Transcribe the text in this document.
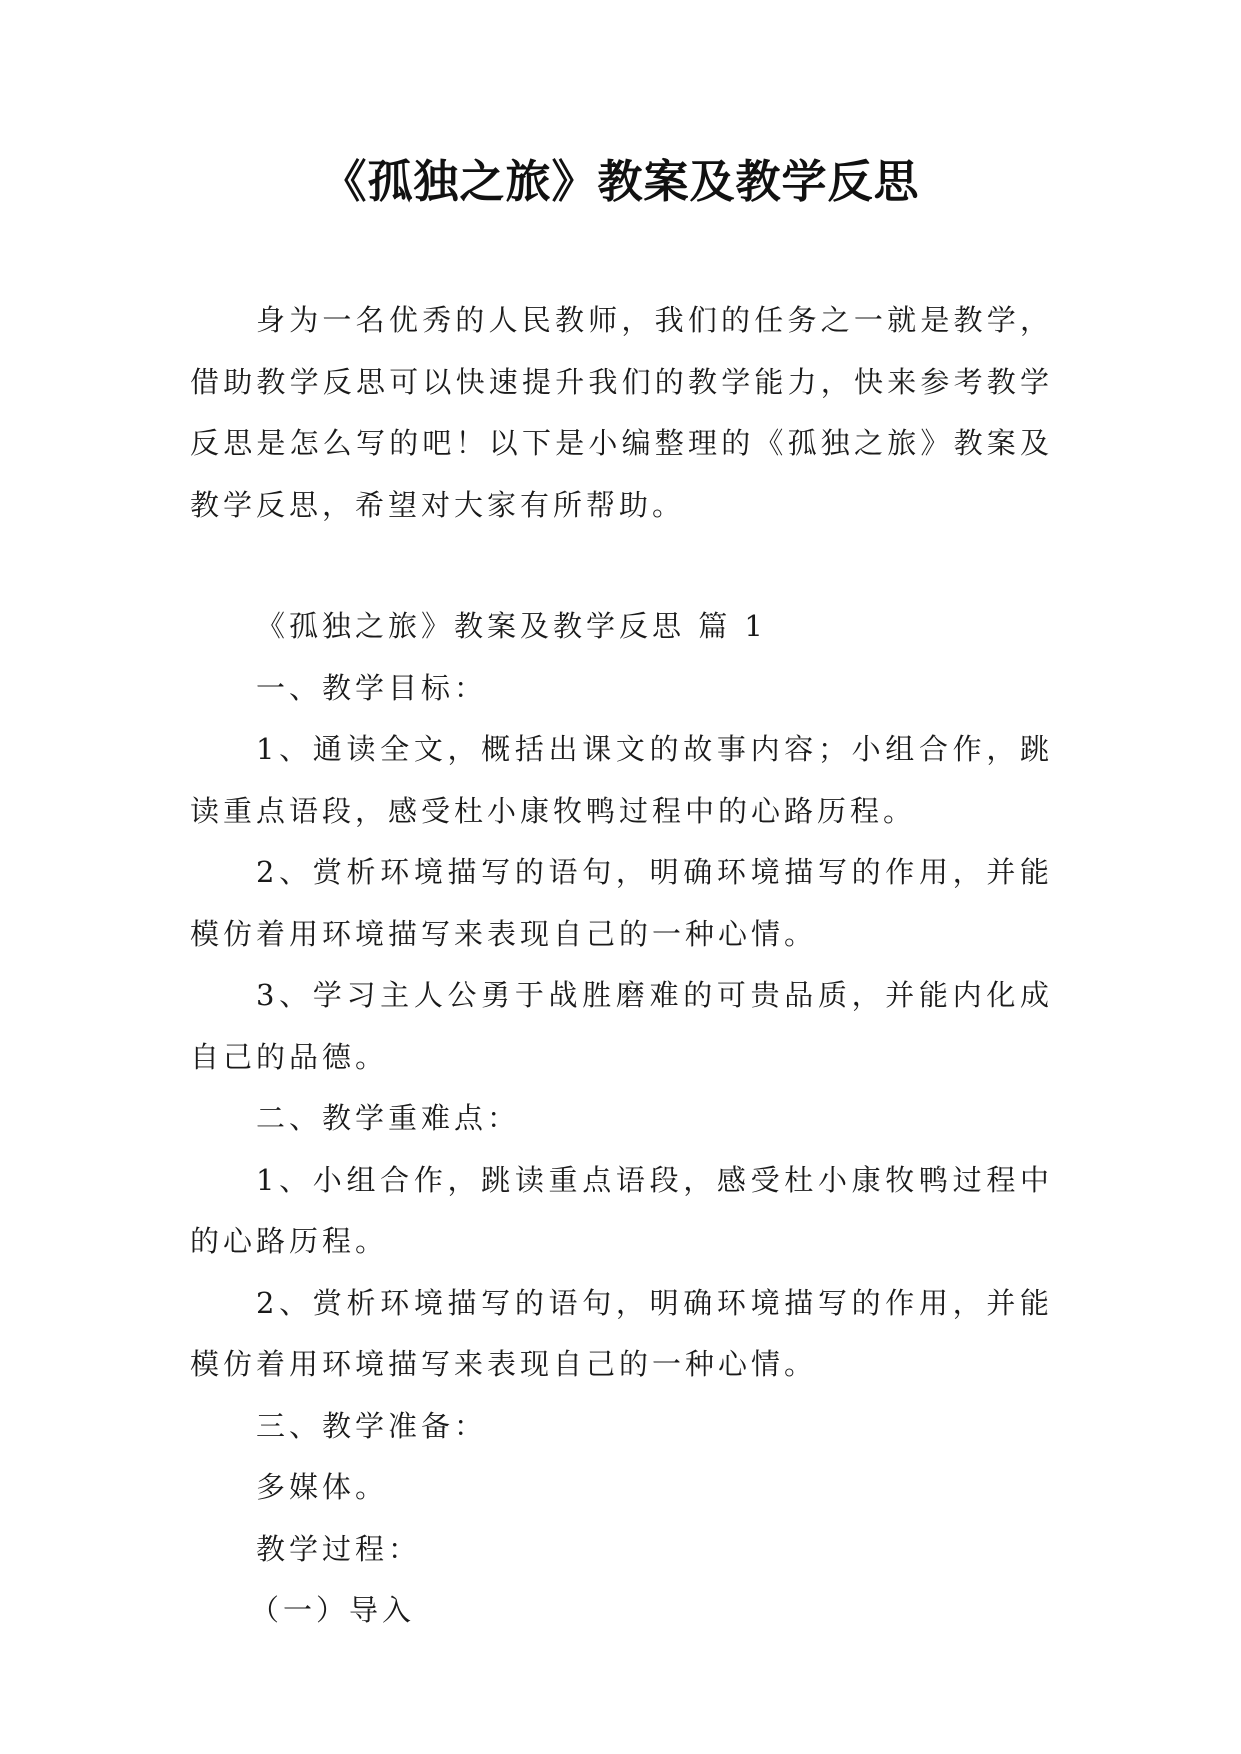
《孤独之旅》教案及教学反思

身为一名优秀的人民教师，我们的任务之一就是教学，借助教学反思可以快速提升我们的教学能力，快来参考教学反思是怎么写的吧！以下是小编整理的《孤独之旅》教案及教学反思，希望对大家有所帮助。

《孤独之旅》教案及教学反思 篇 1

一、教学目标：

1、通读全文，概括出课文的故事内容；小组合作，跳读重点语段，感受杜小康牧鸭过程中的心路历程。

2、赏析环境描写的语句，明确环境描写的作用，并能模仿着用环境描写来表现自己的一种心情。

3、学习主人公勇于战胜磨难的可贵品质，并能内化成自己的品德。

二、教学重难点：

1、小组合作，跳读重点语段，感受杜小康牧鸭过程中的心路历程。

2、赏析环境描写的语句，明确环境描写的作用，并能模仿着用环境描写来表现自己的一种心情。

三、教学准备：

多媒体。

教学过程：

（一）导入
